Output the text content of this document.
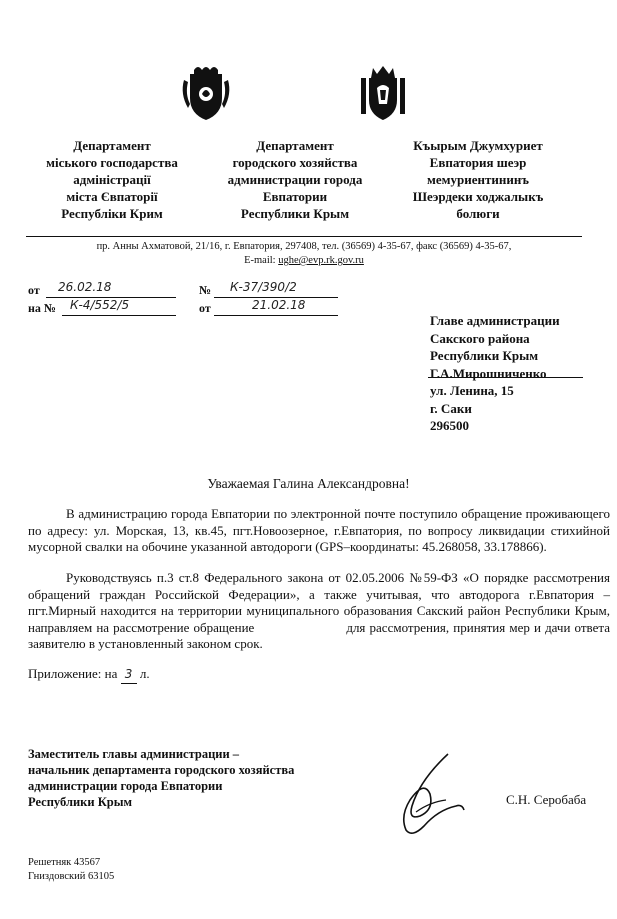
Департамент
міського господарства
адміністрації
міста Євпаторії
Республіки Крим
Департамент
городского хозяйства
администрации города
Евпатории
Республики Крым
Къырым Джумхуриет
Евпатория шеэр
мемуриентининъ
Шеэрдеки ходжалыкъ
болюги
пр. Анны Ахматовой, 21/16, г. Евпатория, 297408, тел. (36569) 4-35-67, факс (36569) 4-35-67,
E-mail: ughe@evp.rk.gov.ru
от 26.02.18	№ К-37/390/2
на № К-4/552/5	от	21.02.18
Главе администрации
Сакского района
Республики Крым
Г.А.Мирошниченко
ул. Ленина, 15
г. Саки
296500
Уважаемая Галина Александровна!

В администрацию города Евпатории по электронной почте поступило обращение проживающего по адресу: ул. Морская, 13, кв.45, пгт.Новоозерное, г.Евпатория, по вопросу ликвидации стихийной мусорной свалки на обочине указанной автодороги (GPS–координаты: 45.268058, 33.178866).

Руководствуясь п.3 ст.8 Федерального закона от 02.05.2006 №59-ФЗ «О порядке рассмотрения обращений граждан Российской Федерации», а также учитывая, что автодорога г.Евпатория – пгт.Мирный находится на территории муниципального образования Сакский район Республики Крым, направляем на рассмотрение обращение	для рассмотрения, принятия мер и дачи ответа заявителю в установленный законом срок.

Приложение: на 3 л.
Заместитель главы администрации –
начальник департамента городского хозяйства
администрации города Евпатории
Республики Крым	С.Н. Серобаба
Решетняк 43567
Гниздовский 63105
